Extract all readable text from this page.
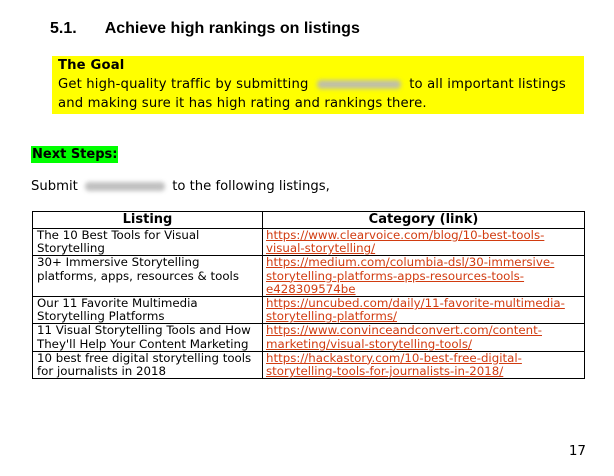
5.1. Achieve high rankings on listings
The Goal
Get high-quality traffic by submitting	to all important listings and making sure it has high rating and rankings there.
Next Steps:
Submit	to the following listings,
Listing	Category (link)
The 10 Best Tools for Visual Storytelling	https://www.clearvoice.com/blog/10-best-tools-visual-storytelling/
30+ Immersive Storytelling platforms, apps, resources & tools	https://medium.com/columbia-dsl/30-immersive-storytelling-platforms-apps-resources-tools-e428309574be
Our 11 Favorite Multimedia Storytelling Platforms	https://uncubed.com/daily/11-favorite-multimedia-storytelling-platforms/
11 Visual Storytelling Tools and How They'll Help Your Content Marketing	https://www.convinceandconvert.com/content-marketing/visual-storytelling-tools/
10 best free digital storytelling tools for journalists in 2018	https://hackastory.com/10-best-free-digital-storytelling-tools-for-journalists-in-2018/
17
